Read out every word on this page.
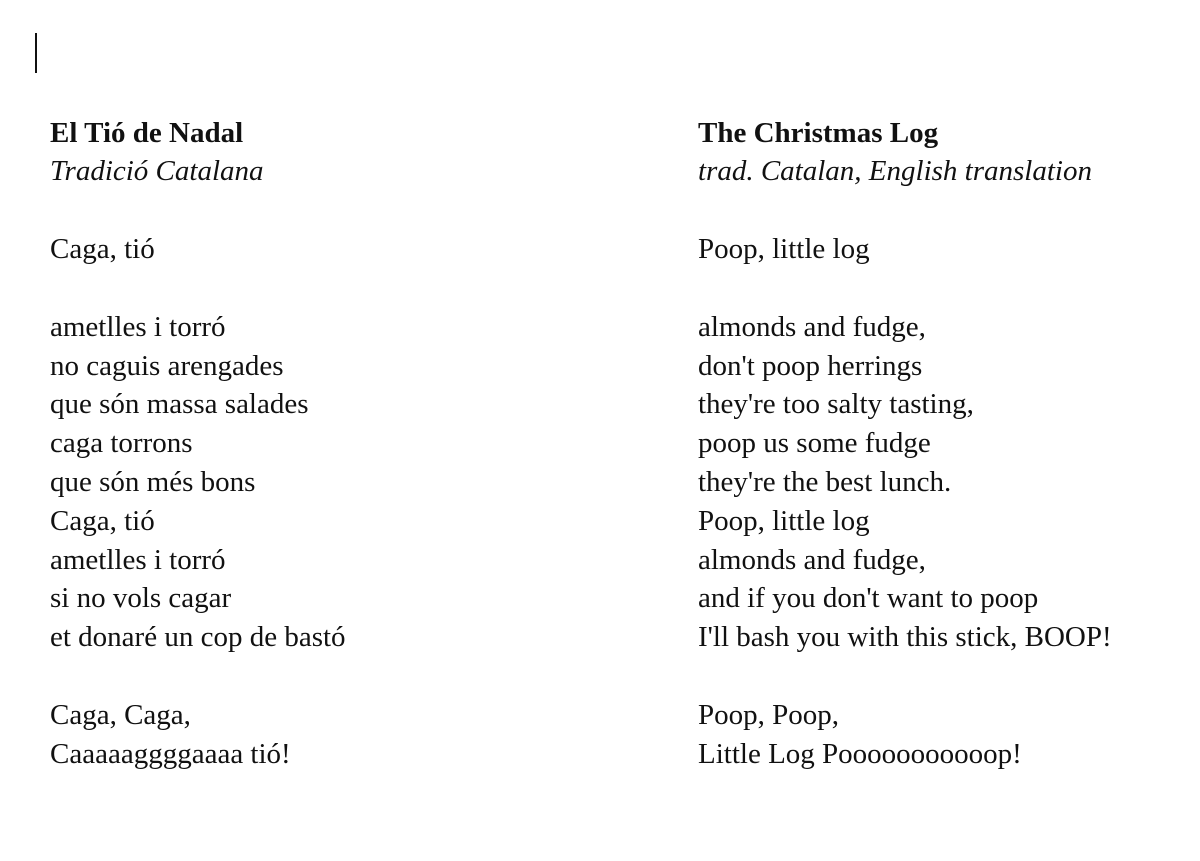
El Tió de Nadal
Tradició Catalana
Caga, tió
ametlles i torró
no caguis arengades
que són massa salades
caga torrons
que són més bons
Caga, tió
ametlles i torró
si no vols cagar
et donaré un cop de bastó
Caga, Caga,
Caaaaaggggaaaa tió!
The Christmas Log
trad. Catalan, English translation
Poop, little log
almonds and fudge,
don't poop herrings
they're too salty tasting,
poop us some fudge
they're the best lunch.
Poop, little log
almonds and fudge,
and if you don't want to poop
I'll bash you with this stick, BOOP!
Poop, Poop,
Little Log Pooooooooooop!
